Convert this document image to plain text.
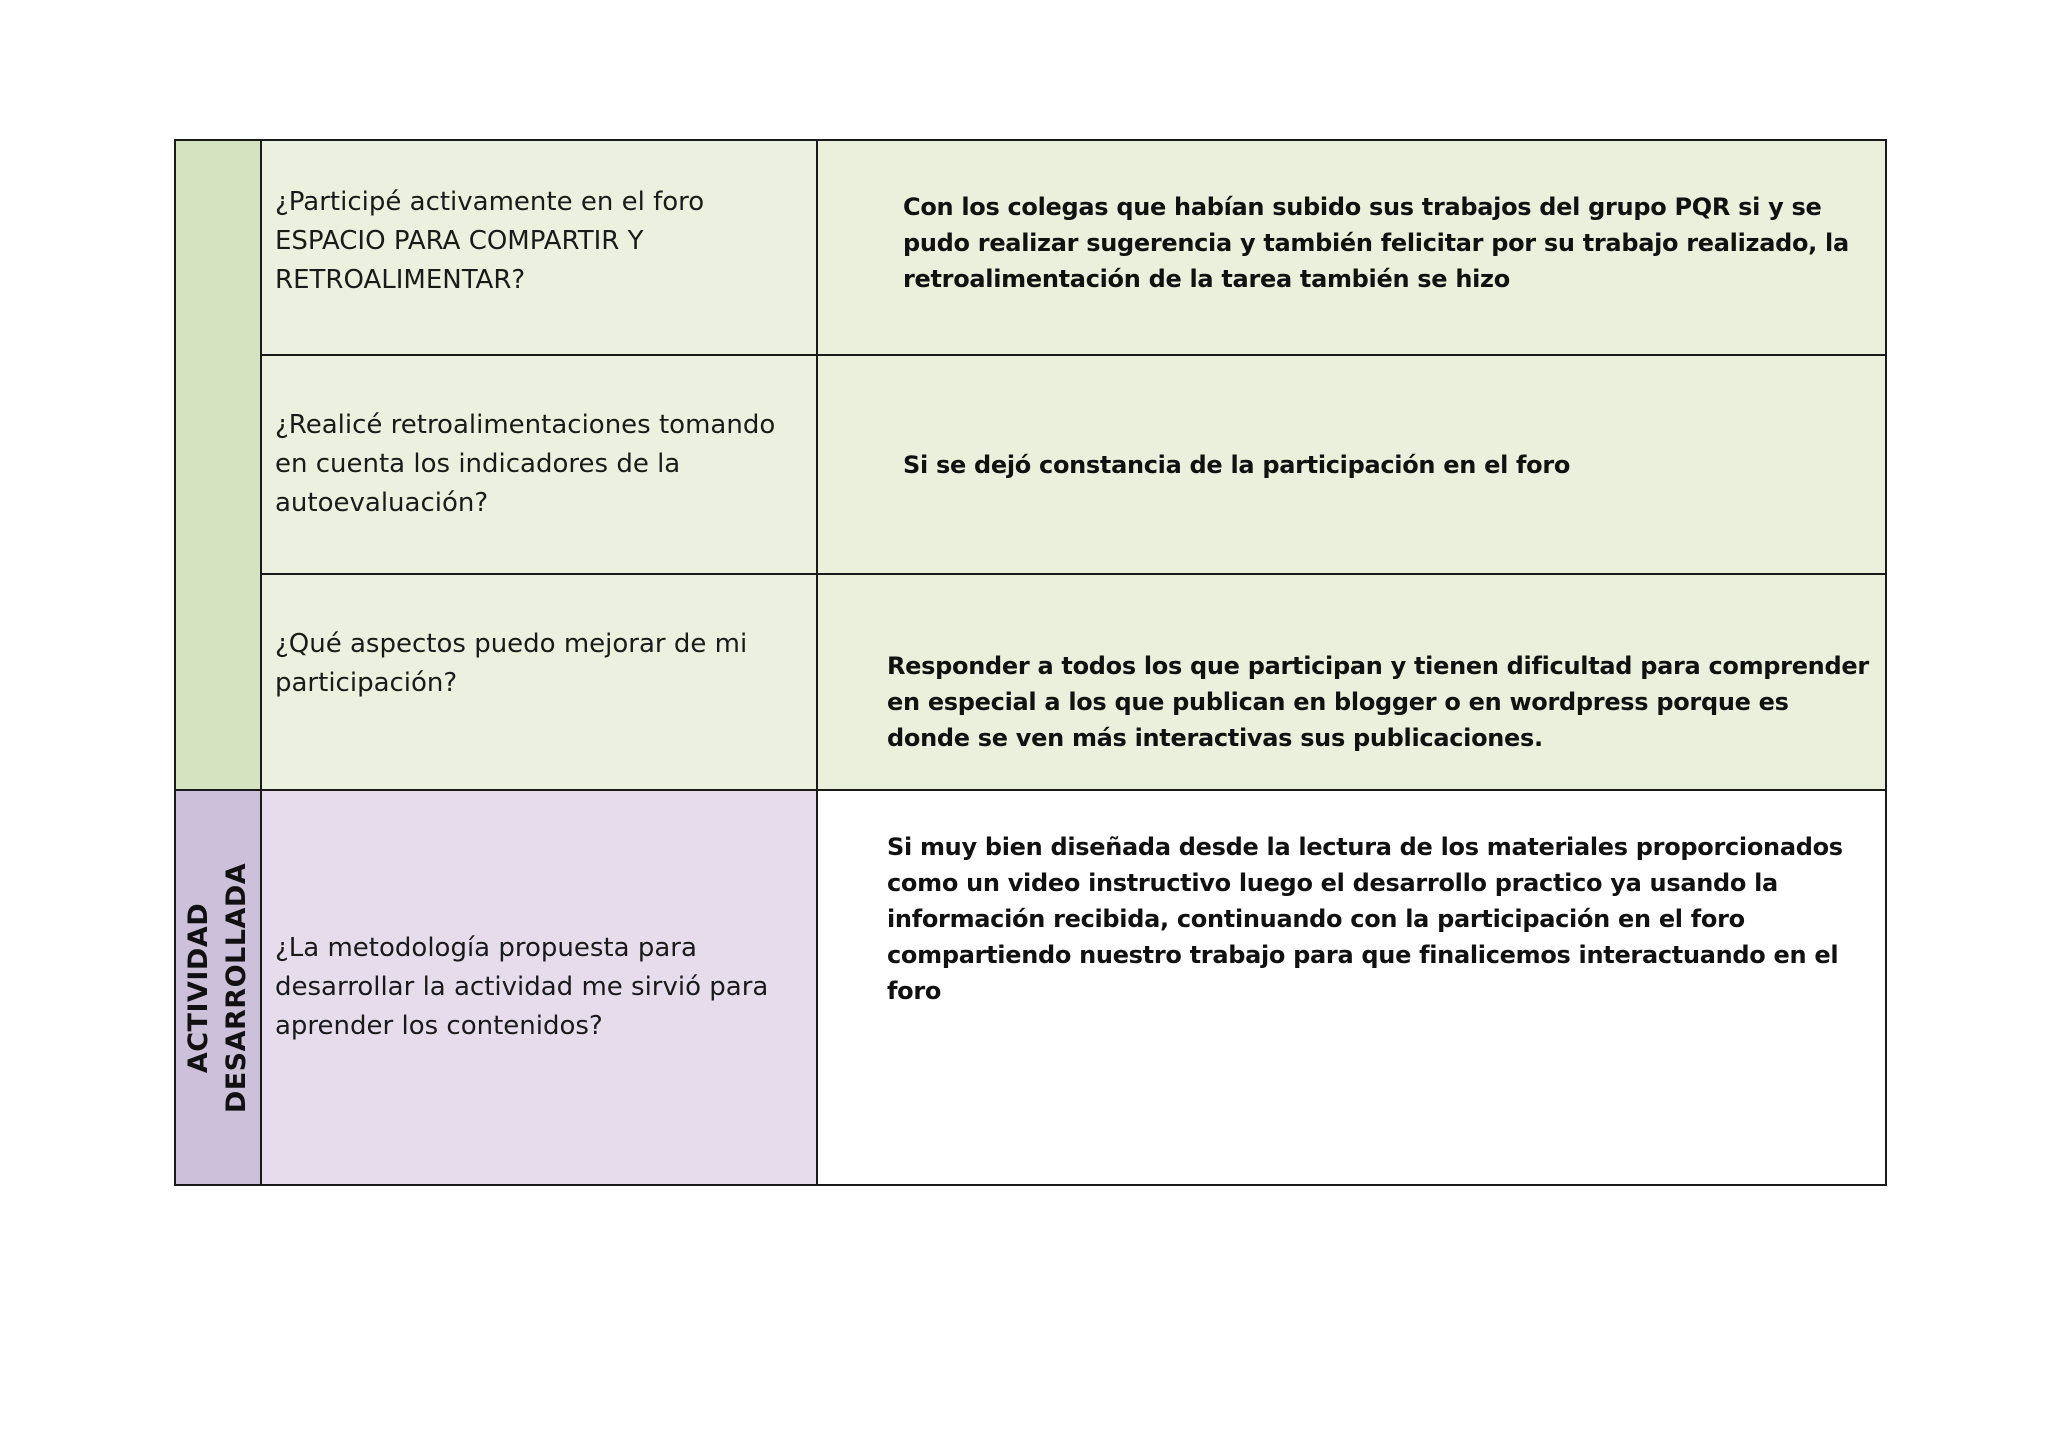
	¿Participé activamente en el foro ESPACIO PARA COMPARTIR Y RETROALIMENTAR?	Con los colegas que habían subido sus trabajos del grupo PQR si y se pudo realizar sugerencia y también felicitar por su trabajo realizado, la retroalimentación de la tarea también se hizo

	¿Realicé retroalimentaciones tomando en cuenta los indicadores de la autoevaluación?	Si se dejó constancia de la participación en el foro

	¿Qué aspectos puedo mejorar de mi participación?	Responder a todos los que participan y tienen dificultad para comprender en especial a los que publican en blogger o en wordpress porque es donde se ven más interactivas sus publicaciones.

ACTIVIDAD DESARROLLADA	¿La metodología propuesta para desarrollar la actividad me sirvió para aprender los contenidos?	Si muy bien diseñada desde la lectura de los materiales proporcionados como un video instructivo luego el desarrollo practico ya usando la información recibida, continuando con la participación en el foro compartiendo nuestro trabajo para que finalicemos interactuando en el foro
